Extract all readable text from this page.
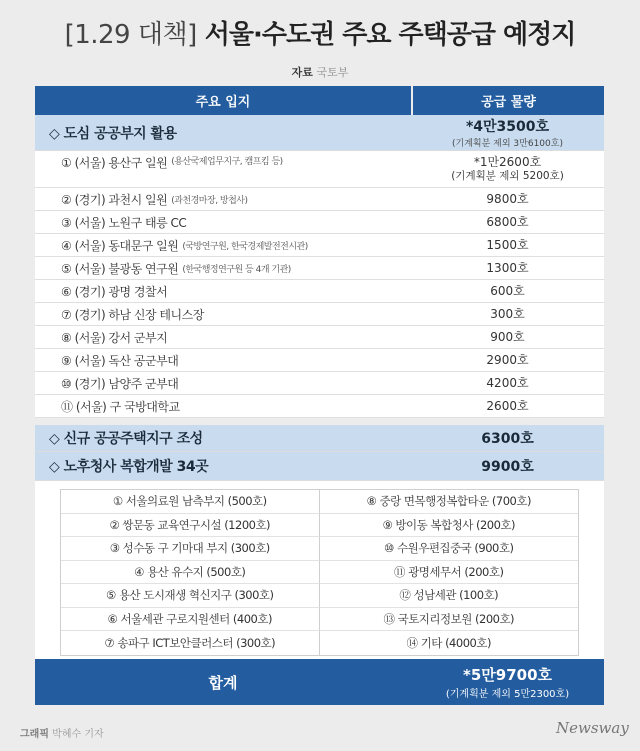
[1.29 대책] 서울·수도권 주요 주택공급 예정지
자료 국토부
주요 입지	공급 물량
◇ 도심 공공부지 활용	*4만3500호
(기계획분 제외 3만6100호)
① (서울) 용산구 일원 (용산국제업무지구, 캠프킴 등)	*1만2600호
(기계획분 제외 5200호)
② (경기) 과천시 일원 (과천경마장, 방첩사)	9800호
③ (서울) 노원구 태릉 CC	6800호
④ (서울) 동대문구 일원 (국방연구원, 한국경제발전전시관)	1500호
⑤ (서울) 불광동 연구원 (한국행정연구원 등 4개 기관)	1300호
⑥ (경기) 광명 경찰서	600호
⑦ (경기) 하남 신장 테니스장	300호
⑧ (서울) 강서 군부지	900호
⑨ (서울) 독산 공군부대	2900호
⑩ (경기) 남양주 군부대	4200호
⑪ (서울) 구 국방대학교	2600호
◇ 신규 공공주택지구 조성	6300호
◇ 노후청사 복합개발 34곳	9900호
① 서울의료원 남측부지 (500호)	⑧ 중랑 면목행정복합타운 (700호)
② 쌍문동 교육연구시설 (1200호)	⑨ 방이동 복합청사 (200호)
③ 성수동 구 기마대 부지 (300호)	⑩ 수원우편집중국 (900호)
④ 용산 유수지 (500호)	⑪ 광명세무서 (200호)
⑤ 용산 도시재생 혁신지구 (300호)	⑫ 성남세관 (100호)
⑥ 서울세관 구로지원센터 (400호)	⑬ 국토지리정보원 (200호)
⑦ 송파구 ICT보안클러스터 (300호)	⑭ 기타 (4000호)
합계	*5만9700호
(기계획분 제외 5만2300호)
그래픽 박혜수 기자	Newsway
